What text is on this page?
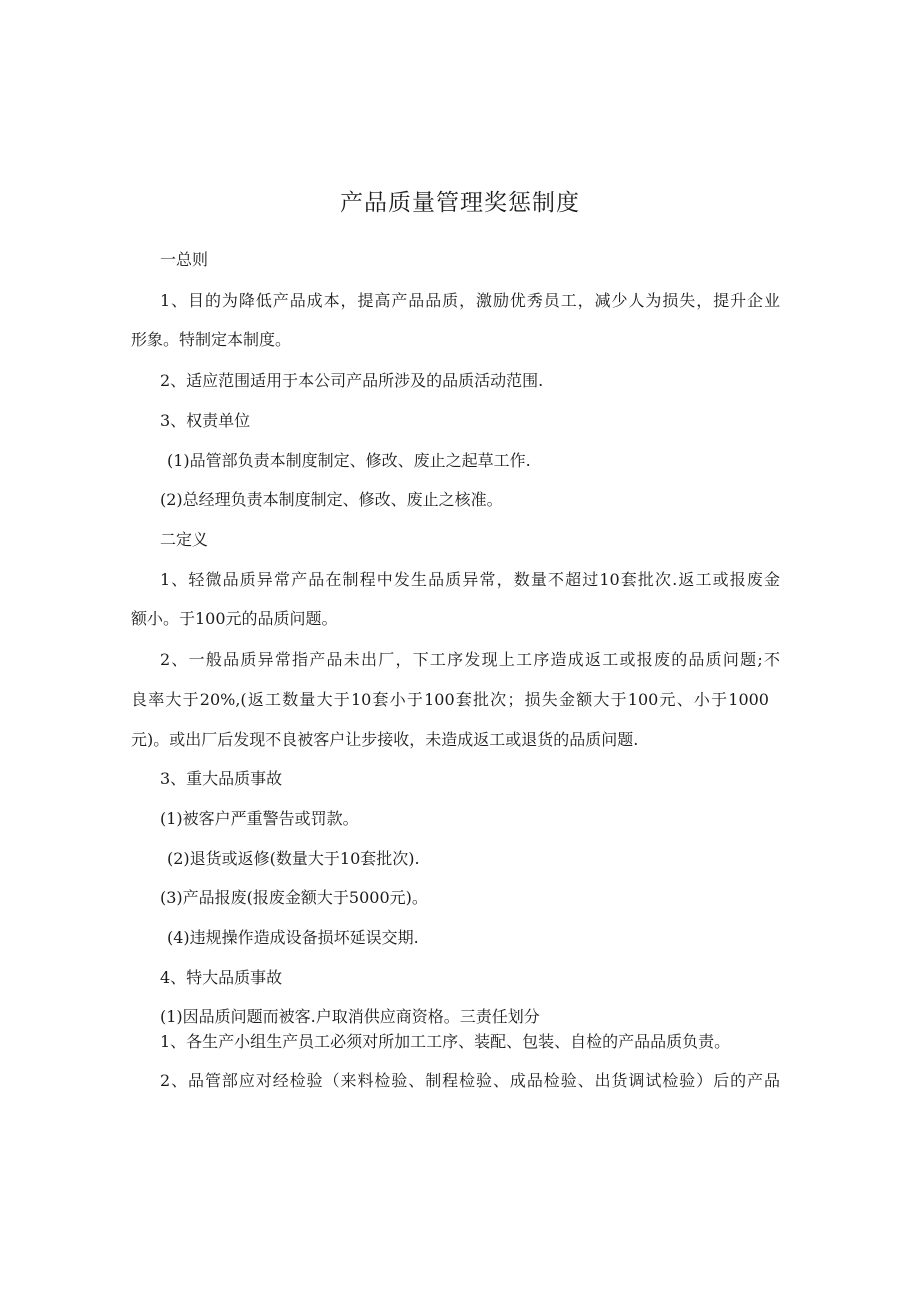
产品质量管理奖惩制度
一总则
1、目的为降低产品成本，提高产品品质，激励优秀员工，减少人为损失，提升企业
形象。特制定本制度。
2、适应范围适用于本公司产品所涉及的品质活动范围.
3、权责单位
(1)品管部负责本制度制定、修改、废止之起草工作.
(2)总经理负责本制度制定、修改、废止之核准。
二定义
1、轻微品质异常产品在制程中发生品质异常，数量不超过10套批次.返工或报废金
额小。于100元的品质问题。
2、一般品质异常指产品未出厂，下工序发现上工序造成返工或报废的品质问题;不
良率大于20%,(返工数量大于10套小于100套批次；损失金额大于100元、小于1000
元)。或出厂后发现不良被客户让步接收，未造成返工或退货的品质问题.
3、重大品质事故
(1)被客户严重警告或罚款。
(2)退货或返修(数量大于10套批次).
(3)产品报废(报废金额大于5000元)。
(4)违规操作造成设备损坏延误交期.
4、特大品质事故
(1)因品质问题而被客.户取消供应商资格。三责任划分
1、各生产小组生产员工必须对所加工工序、装配、包装、自检的产品品质负责。
2、品管部应对经检验（来料检验、制程检验、成品检验、出货调试检验）后的产品
